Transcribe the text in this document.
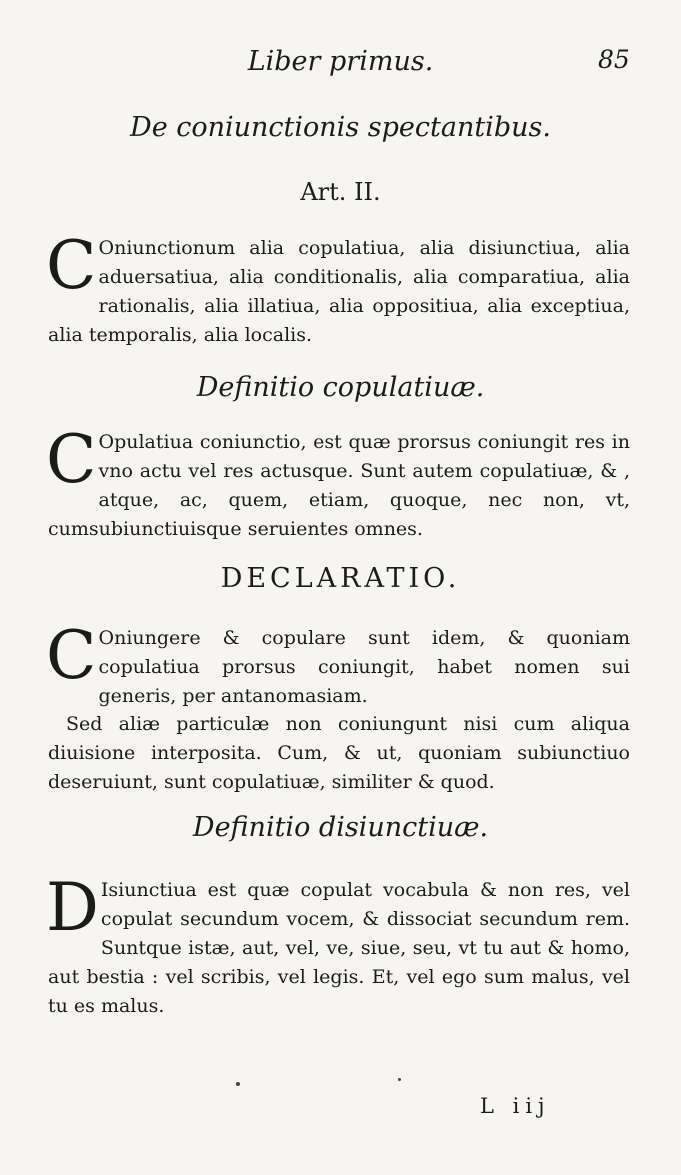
Liber primus.	85
De coniunctionis spectantibus.
Art. II.

C Oniunctionum alia copulatiua, alia disiunctiua, alia aduersatiua, alia conditionalis, alia comparatiua, alia rationalis, alia illatiua, alia oppositiua, alia exceptiua, alia temporalis, alia localis.

Definitio copulatiuæ.

C Opulatiua coniunctio, est quæ prorsus coniungit res in vno actu vel res actusque. Sunt autem copulatiuæ, & , atque, ac, quem, etiam, quoque, nec non, vt, cumsubiunctiuisque seruientes omnes.

DECLARATIO.

C Oniungere & copulare sunt idem, & quoniam copulatiua prorsus coniungit, habet nomen sui generis, per antanomasiam.

Sed aliæ particulæ non coniungunt nisi cum aliqua diuisione interposita. Cum, & ut, quoniam subiunctiuo deseruiunt, sunt copulatiuæ, similiter & quod.

Definitio disiunctiuæ.

D Isiunctiua est quæ copulat vocabula & non res, vel copulat secundum vocem, & dissociat secundum rem. Suntque istæ, aut, vel, ve, siue, seu, vt tu aut & homo, aut bestia : vel scribis, vel legis. Et, vel ego sum malus, vel tu es malus.

L iij
